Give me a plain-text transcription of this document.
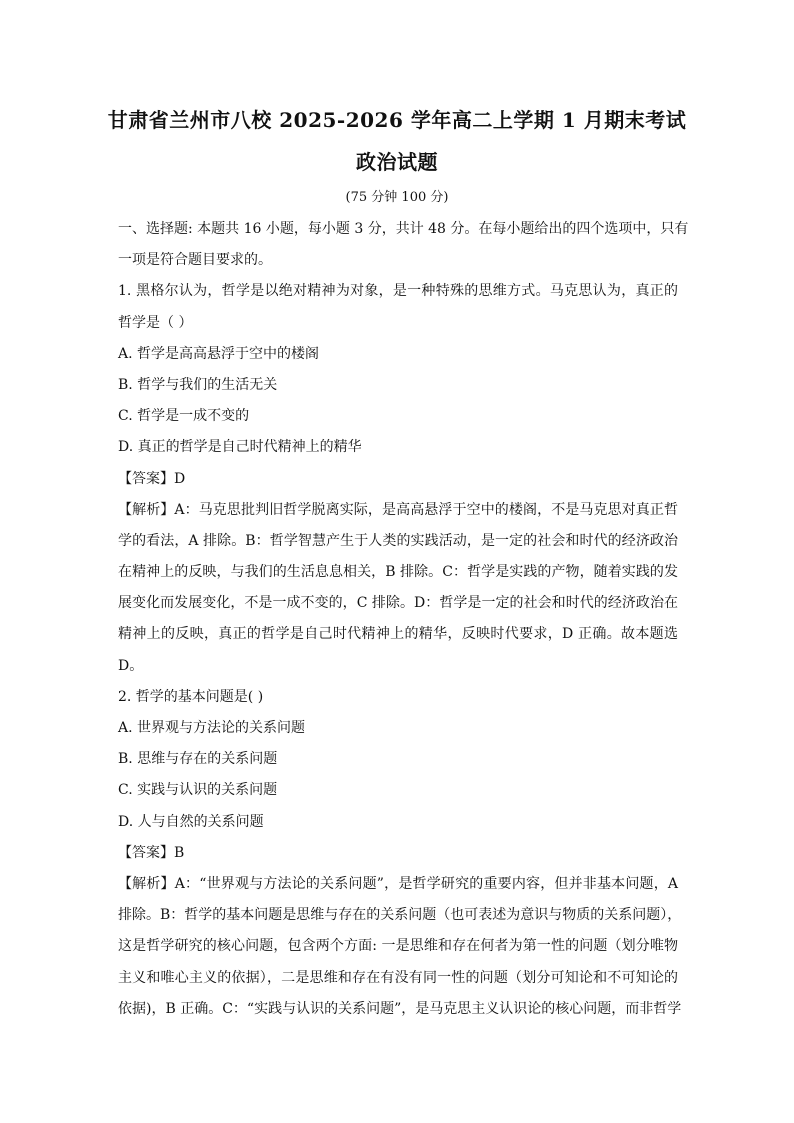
甘肃省兰州市八校 2025-2026 学年高二上学期 1 月期末考试
政治试题
(75 分钟 100 分)
一、选择题: 本题共 16 小题，每小题 3 分，共计 48 分。在每小题给出的四个选项中，只有
一项是符合题目要求的。
1. 黑格尔认为，哲学是以绝对精神为对象，是一种特殊的思维方式。马克思认为，真正的
哲学是（ ）
A. 哲学是高高悬浮于空中的楼阁
B. 哲学与我们的生活无关
C. 哲学是一成不变的
D. 真正的哲学是自己时代精神上的精华
【答案】D
【解析】A：马克思批判旧哲学脱离实际，是高高悬浮于空中的楼阁，不是马克思对真正哲
学的看法，A 排除。B：哲学智慧产生于人类的实践活动，是一定的社会和时代的经济政治
在精神上的反映，与我们的生活息息相关，B 排除。C：哲学是实践的产物，随着实践的发
展变化而发展变化，不是一成不变的，C 排除。D：哲学是一定的社会和时代的经济政治在
精神上的反映，真正的哲学是自己时代精神上的精华，反映时代要求，D 正确。故本题选
D。
2. 哲学的基本问题是( )
A. 世界观与方法论的关系问题
B. 思维与存在的关系问题
C. 实践与认识的关系问题
D. 人与自然的关系问题
【答案】B
【解析】A：“世界观与方法论的关系问题”，是哲学研究的重要内容，但并非基本问题，A
排除。B：哲学的基本问题是思维与存在的关系问题（也可表述为意识与物质的关系问题），
这是哲学研究的核心问题，包含两个方面: 一是思维和存在何者为第一性的问题（划分唯物
主义和唯心主义的依据），二是思维和存在有没有同一性的问题（划分可知论和不可知论的
依据)，B 正确。C：“实践与认识的关系问题”，是马克思主义认识论的核心问题，而非哲学
